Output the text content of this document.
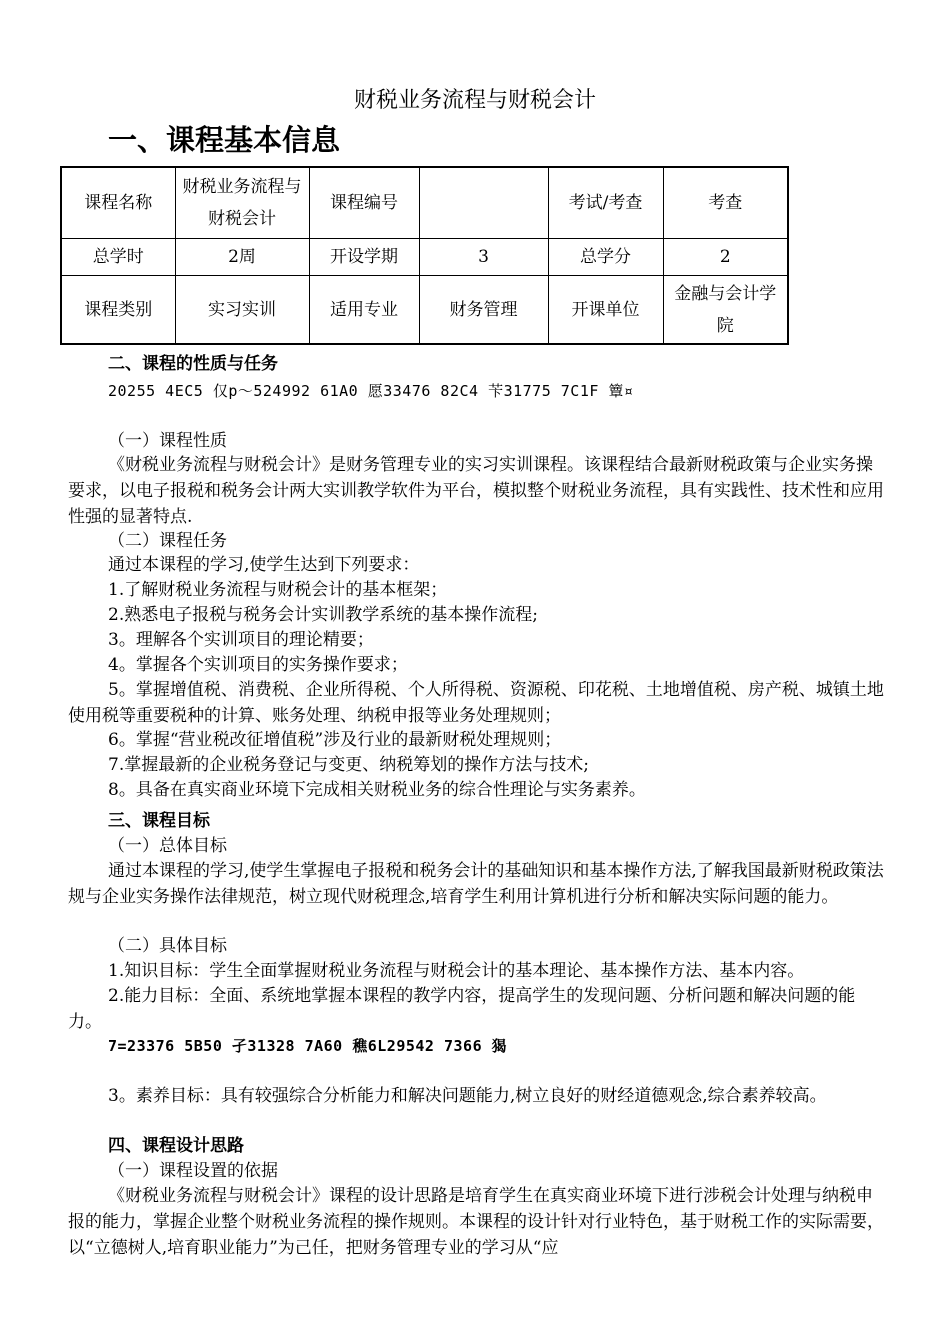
财税业务流程与财税会计
一、课程基本信息
课程名称	财税业务流程与财税会计	课程编号		考试/考查	考查
总学时	2周	开设学期	3	总学分	2
课程类别	实习实训	适用专业	财务管理	开课单位	金融与会计学院
二、课程的性质与任务
20255 4EC5 仅p～524992 61A0 愿33476 82C4 苄31775 7C1F 簟¤
（一）课程性质
《财税业务流程与财税会计》是财务管理专业的实习实训课程。该课程结合最新财税政策与企业实务操要求，以电子报税和税务会计两大实训教学软件为平台，模拟整个财税业务流程，具有实践性、技术性和应用性强的显著特点.
（二）课程任务
通过本课程的学习,使学生达到下列要求：
1.了解财税业务流程与财税会计的基本框架；
2.熟悉电子报税与税务会计实训教学系统的基本操作流程;
3。理解各个实训项目的理论精要；
4。掌握各个实训项目的实务操作要求；
5。掌握增值税、消费税、企业所得税、个人所得税、资源税、印花税、土地增值税、房产税、城镇土地使用税等重要税种的计算、账务处理、纳税申报等业务处理规则；
6。掌握“营业税改征增值税”涉及行业的最新财税处理规则；
7.掌握最新的企业税务登记与变更、纳税筹划的操作方法与技术;
8。具备在真实商业环境下完成相关财税业务的综合性理论与实务素养。
三、课程目标
（一）总体目标
通过本课程的学习,使学生掌握电子报税和税务会计的基础知识和基本操作方法,了解我国最新财税政策法规与企业实务操作法律规范，树立现代财税理念,培育学生利用计算机进行分析和解决实际问题的能力。
（二）具体目标
1.知识目标：学生全面掌握财税业务流程与财税会计的基本理论、基本操作方法、基本内容。
2.能力目标：全面、系统地掌握本课程的教学内容，提高学生的发现问题、分析问题和解决问题的能力。
7=23376 5B50 孑31328 7A60 穛6L29542 7366 猲
3。素养目标：具有较强综合分析能力和解决问题能力,树立良好的财经道德观念,综合素养较高。
四、课程设计思路
（一）课程设置的依据
《财税业务流程与财税会计》课程的设计思路是培育学生在真实商业环境下进行涉税会计处理与纳税申报的能力，掌握企业整个财税业务流程的操作规则。本课程的设计针对行业特色，基于财税工作的实际需要，以“立德树人,培育职业能力”为己任，把财务管理专业的学习从“应
